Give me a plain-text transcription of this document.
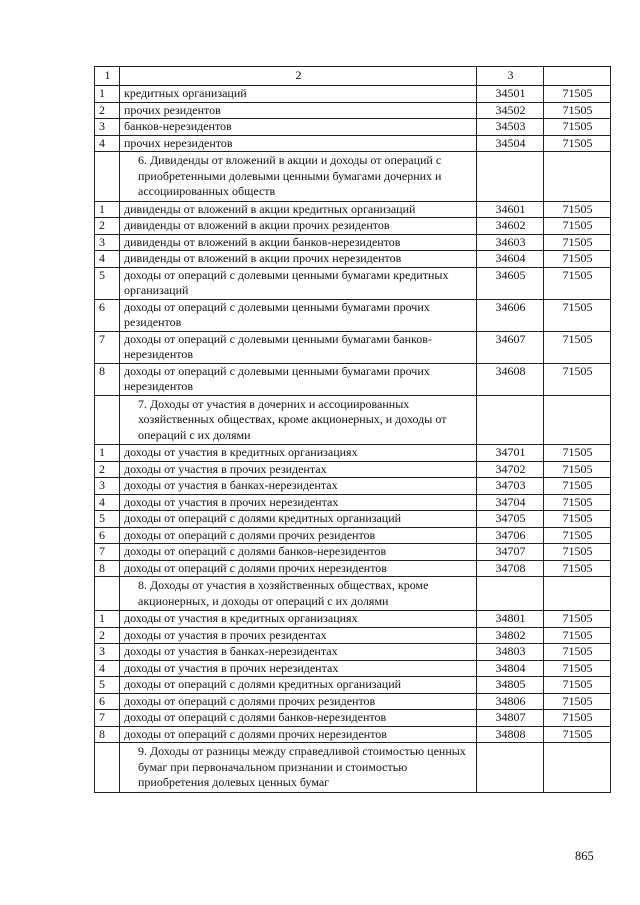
1	2	3	
1	кредитных организаций	34501	71505
2	прочих резидентов	34502	71505
3	банков-нерезидентов	34503	71505
4	прочих нерезидентов	34504	71505
	6. Дивиденды от вложений в акции и доходы от операций с приобретенными долевыми ценными бумагами дочерних и ассоциированных обществ		
1	дивиденды от вложений в акции кредитных организаций	34601	71505
2	дивиденды от вложений в акции прочих резидентов	34602	71505
3	дивиденды от вложений в акции банков-нерезидентов	34603	71505
4	дивиденды от вложений в акции прочих нерезидентов	34604	71505
5	доходы от операций с долевыми ценными бумагами кредитных организаций	34605	71505
6	доходы от операций с долевыми ценными бумагами прочих резидентов	34606	71505
7	доходы от операций с долевыми ценными бумагами банков-нерезидентов	34607	71505
8	доходы от операций с долевыми ценными бумагами прочих нерезидентов	34608	71505
	7. Доходы от участия в дочерних и ассоциированных хозяйственных обществах, кроме акционерных, и доходы от операций с их долями		
1	доходы от участия в кредитных организациях	34701	71505
2	доходы от участия в прочих резидентах	34702	71505
3	доходы от участия в банках-нерезидентах	34703	71505
4	доходы от участия в прочих нерезидентах	34704	71505
5	доходы от операций с долями кредитных организаций	34705	71505
6	доходы от операций с долями прочих резидентов	34706	71505
7	доходы от операций с долями банков-нерезидентов	34707	71505
8	доходы от операций с долями прочих нерезидентов	34708	71505
	8. Доходы от участия в хозяйственных обществах, кроме акционерных, и доходы от операций с их долями		
1	доходы от участия в кредитных организациях	34801	71505
2	доходы от участия в прочих резидентах	34802	71505
3	доходы от участия в банках-нерезидентах	34803	71505
4	доходы от участия в прочих нерезидентах	34804	71505
5	доходы от операций с долями кредитных организаций	34805	71505
6	доходы от операций с долями прочих резидентов	34806	71505
7	доходы от операций с долями банков-нерезидентов	34807	71505
8	доходы от операций с долями прочих нерезидентов	34808	71505
	9. Доходы от разницы между справедливой стоимостью ценных бумаг при первоначальном признании и стоимостью приобретения долевых ценных бумаг		
865
